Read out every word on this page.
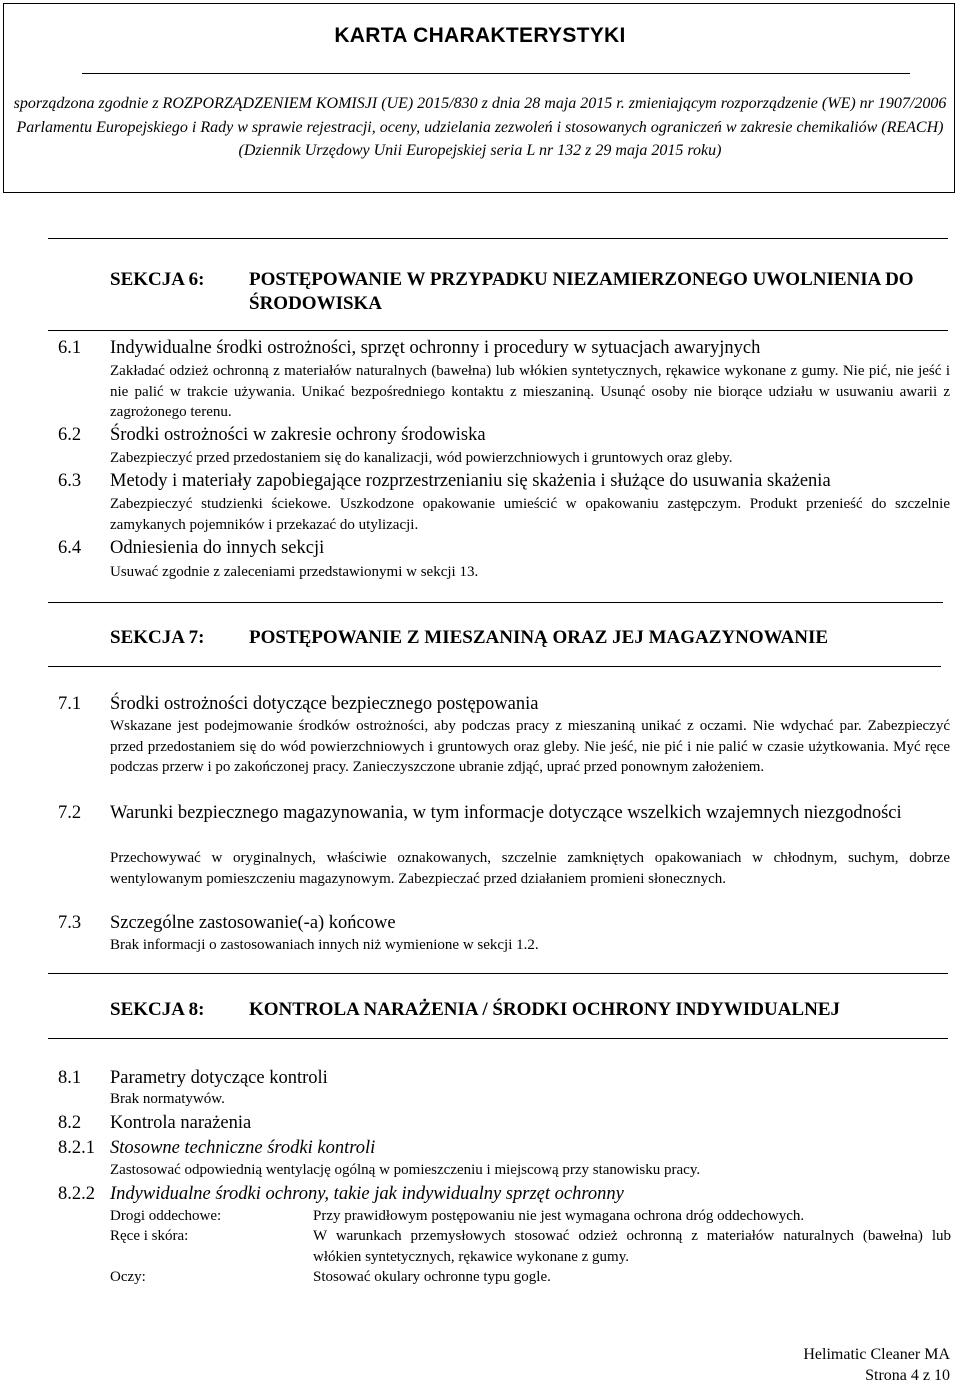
KARTA CHARAKTERYSTYKI
sporządzona zgodnie z ROZPORZĄDZENIEM KOMISJI (UE) 2015/830 z dnia 28 maja 2015 r. zmieniającym rozporządzenie (WE) nr 1907/2006 Parlamentu Europejskiego i Rady w sprawie rejestracji, oceny, udzielania zezwoleń i stosowanych ograniczeń w zakresie chemikaliów (REACH) (Dziennik Urzędowy Unii Europejskiej seria L nr 132 z 29 maja 2015 roku)
SEKCJA 6: POSTĘPOWANIE W PRZYPADKU NIEZAMIERZONEGO UWOLNIENIA DO ŚRODOWISKA
6.1 Indywidualne środki ostrożności, sprzęt ochronny i procedury w sytuacjach awaryjnych
Zakładać odzież ochronną z materiałów naturalnych (bawełna) lub włókien syntetycznych, rękawice wykonane z gumy. Nie pić, nie jeść i nie palić w trakcie używania. Unikać bezpośredniego kontaktu z mieszaniną. Usunąć osoby nie biorące udziału w usuwaniu awarii z zagrożonego terenu.
6.2 Środki ostrożności w zakresie ochrony środowiska
Zabezpieczyć przed przedostaniem się do kanalizacji, wód powierzchniowych i gruntowych oraz gleby.
6.3 Metody i materiały zapobiegające rozprzestrzenianiu się skażenia i służące do usuwania skażenia
Zabezpieczyć studzienki ściekowe. Uszkodzone opakowanie umieścić w opakowaniu zastępczym. Produkt przenieść do szczelnie zamykanych pojemników i przekazać do utylizacji.
6.4 Odniesienia do innych sekcji
Usuwać zgodnie z zaleceniami przedstawionymi w sekcji 13.
SEKCJA 7: POSTĘPOWANIE Z MIESZANINĄ ORAZ JEJ MAGAZYNOWANIE
7.1 Środki ostrożności dotyczące bezpiecznego postępowania
Wskazane jest podejmowanie środków ostrożności, aby podczas pracy z mieszaniną unikać z oczami. Nie wdychać par. Zabezpieczyć przed przedostaniem się do wód powierzchniowych i gruntowych oraz gleby. Nie jeść, nie pić i nie palić w czasie użytkowania. Myć ręce podczas przerw i po zakończonej pracy. Zanieczyszczone ubranie zdjąć, uprać przed ponownym założeniem.
7.2 Warunki bezpiecznego magazynowania, w tym informacje dotyczące wszelkich wzajemnych niezgodności
Przechowywać w oryginalnych, właściwie oznakowanych, szczelnie zamkniętych opakowaniach w chłodnym, suchym, dobrze wentylowanym pomieszczeniu magazynowym. Zabezpieczać przed działaniem promieni słonecznych.
7.3 Szczególne zastosowanie(-a) końcowe
Brak informacji o zastosowaniach innych niż wymienione w sekcji 1.2.
SEKCJA 8: KONTROLA NARAŻENIA / ŚRODKI OCHRONY INDYWIDUALNEJ
8.1 Parametry dotyczące kontroli
Brak normatywów.
8.2 Kontrola narażenia
8.2.1 Stosowne techniczne środki kontroli
Zastosować odpowiednią wentylację ogólną w pomieszczeniu i miejscową przy stanowisku pracy.
8.2.2 Indywidualne środki ochrony, takie jak indywidualny sprzęt ochronny
Drogi oddechowe:	Przy prawidłowym postępowaniu nie jest wymagana ochrona dróg oddechowych.
Ręce i skóra:	W warunkach przemysłowych stosować odzież ochronną z materiałów naturalnych (bawełna) lub włókien syntetycznych, rękawice wykonane z gumy.
Oczy:	Stosować okulary ochronne typu gogle.
Helimatic Cleaner MA
Strona 4 z 10
